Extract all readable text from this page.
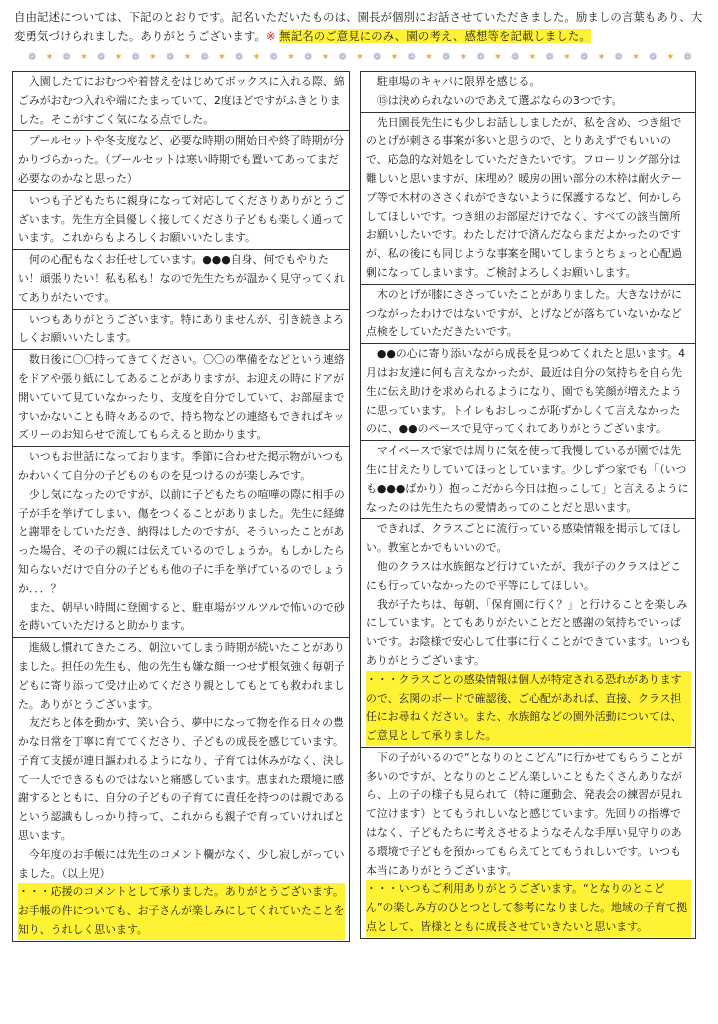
自由記述については、下記のとおりです。記名いただいたものは、園長が個別にお話させていただきました。励ましの言葉もあり、大変勇気づけられました。ありがとうございます。※ 無記名のご意見にのみ、園の考え、感想等を記載しました。
❁ ✶ ❁ ✶ ❁ ✶ ❁ ✶ ❁ ✶ ❁ ✶ ❁ ✶ ❁ ✶ ❁ ✶ ❁ ✶ ❁ ✶ ❁ ✶ ❁ ✶ ❁ ✶ ❁ ✶ ❁ ✶ ❁ ✶ ❁ ✶ ❁ ✶ ❁

入園したてにおむつや着替えをはじめてボックスに入れる際、綿ごみがおむつ入れや端にたまっていて、2度ほどですがふきとりました。そこがすごく気になる点でした。

プールセットや冬支度など、必要な時期の開始日や終了時期が分かりづらかった。（プールセットは寒い時期でも置いてあってまだ必要なのかなと思った）

いつも子どもたちに親身になって対応してくださりありがとうございます。先生方全員優しく接してくださり子どもも楽しく通っています。これからもよろしくお願いいたします。

何の心配もなくお任せしています。●●●自身、何でもやりたい！頑張りたい！私も私も！なので先生たちが温かく見守ってくれてありがたいです。

いつもありがとうございます。特にありませんが、引き続きよろしくお願いいたします。

数日後に〇〇持ってきてください。〇〇の準備をなどという連絡をドアや張り紙にしてあることがありますが、お迎えの時にドアが開いていて見ていなかったり、支度を自分でしていて、お部屋まですいかないことも時々あるので、持ち物などの連絡もできればキッズリーのお知らせで流してもらえると助かります。

いつもお世話になっております。季節に合わせた掲示物がいつもかわいくて自分の子どものものを見つけるのが楽しみです。

少し気になったのですが、以前に子どもたちの喧嘩の際に相手の子が手を挙げてしまい、傷をつくることがありました。先生に経緯と謝罪をしていただき、納得はしたのですが、そういったことがあった場合、その子の親には伝えているのでしょうか。もしかしたら知らないだけで自分の子どもも他の子に手を挙げているのでしょうか．．．？

また、朝早い時間に登園すると、駐車場がツルツルで怖いので砂を蒔いていただけると助かります。

進級し慣れてきたころ、朝泣いてしまう時期が続いたことがありました。担任の先生も、他の先生も嫌な顔一つせず根気強く毎朝子どもに寄り添って受け止めてくださり親としてもとても救われました。ありがとうございます。

友だちと体を動かす、笑い合う、夢中になって物を作る日々の豊かな日常を丁寧に育ててくださり、子どもの成長を感じています。子育て支援が連日謳われるようになり、子育ては休みがなく、決して一人でできるものではないと痛感しています。恵まれた環境に感謝するとともに、自分の子どもの子育てに責任を持つのは親であるという認識もしっかり持って、これからも親子で育っていければと思います。

今年度のお手帳には先生のコメント欄がなく、少し寂しがっていました。（以上児）

・・・応援のコメントとして承りました。ありがとうございます。

お手帳の件についても、お子さんが楽しみにしてくれていたことを知り、うれしく思います。

駐車場のキャパに限界を感じる。

⑮は決められないのであえて選ぶならの3つです。

先日園長先生にも少しお話ししましたが、私を含め、つき組でのとげが刺さる事案が多いと思うので、とりあえずでもいいので、応急的な対処をしていただきたいです。フローリング部分は難しいと思いますが、床埋め？暖房の囲い部分の木枠は耐火テープ等で木材のささくれができないように保護するなど、何かしらしてほしいです。つき組のお部屋だけでなく、すべての該当箇所お願いしたいです。わたしだけで済んだならまだよかったのですが、私の後にも同じような事案を聞いてしまうとちょっと心配過剰になってしまいます。ご検討よろしくお願いします。

木のとげが膝にささっていたことがありました。大きなけがにつながったわけではないですが、とげなどが落ちていないかなど点検をしていただきたいです。

●●の心に寄り添いながら成長を見つめてくれたと思います。4月はお友達に何も言えなかったが、最近は自分の気持ちを自ら先生に伝え助けを求められるようになり、園でも笑顔が増えたように思っています。トイレもおしっこが恥ずかしくて言えなかったのに、●●のペースで見守ってくれてありがとうございます。

マイペースで家では周りに気を使って我慢しているが園では先生に甘えたりしていてほっとしています。少しずつ家でも「（いつも●●●ばかり）抱っこだから今日は抱っこして」と言えるようになったのは先生たちの愛情あってのことだと思います。

できれば、クラスごとに流行っている感染情報を掲示してほしい。教室とかでもいいので。

他のクラスは水族館など行けていたが、我が子のクラスはどこにも行っていなかったので平等にしてほしい。

我が子たちは、毎朝、「保育園に行く？」と行けることを楽しみにしています。とてもありがたいことだと感謝の気持ちでいっぱいです。お陰様で安心して仕事に行くことができています。いつもありがとうございます。

・・・クラスごとの感染情報は個人が特定される恐れがありますので、玄関のボードで確認後、ご心配があれば、直接、クラス担任にお尋ねください。また、水族館などの園外活動については、ご意見として承りました。

下の子がいるので“となりのとこどん”に行かせてもらうことが多いのですが、となりのとこどん楽しいこともたくさんありながら、上の子の様子も見られて（特に運動会、発表会の練習が見れて泣けます）とてもうれしいなと感じています。先回りの指導ではなく、子どもたちに考えさせるようなそんな手厚い見守りのある環境で子どもを預かってもらえてとてもうれしいです。いつも本当にありがとうございます。

・・・いつもご利用ありがとうございます。“となりのとこどん”の楽しみ方のひとつとして参考になりました。地域の子育て拠点として、皆様とともに成長させていきたいと思います。
